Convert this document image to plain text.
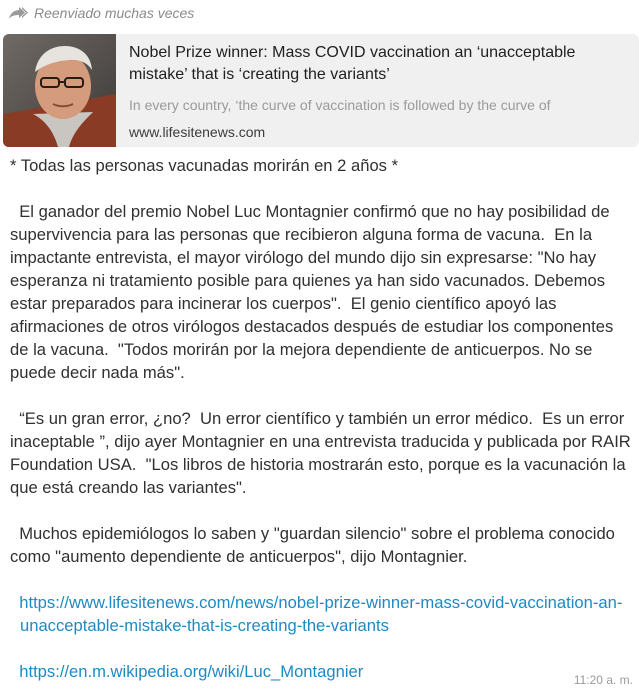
Reenviado muchas veces
Nobel Prize winner: Mass COVID vaccination an ‘unacceptable mistake’ that is ‘creating the variants’
In every country, ‘the curve of vaccination is followed by the curve of
www.lifesitenews.com

* Todas las personas vacunadas morirán en 2 años *

El ganador del premio Nobel Luc Montagnier confirmó que no hay posibilidad de supervivencia para las personas que recibieron alguna forma de vacuna.  En la impactante entrevista, el mayor virólogo del mundo dijo sin expresarse: "No hay esperanza ni tratamiento posible para quienes ya han sido vacunados. Debemos estar preparados para incinerar los cuerpos".  El genio científico apoyó las afirmaciones de otros virólogos destacados después de estudiar los componentes de la vacuna.  "Todos morirán por la mejora dependiente de anticuerpos. No se puede decir nada más".

“Es un gran error, ¿no?  Un error científico y también un error médico.  Es un error inaceptable ”, dijo ayer Montagnier en una entrevista traducida y publicada por RAIR Foundation USA.  "Los libros de historia mostrarán esto, porque es la vacunación la que está creando las variantes".

Muchos epidemiólogos lo saben y "guardan silencio" sobre el problema conocido como "aumento dependiente de anticuerpos", dijo Montagnier.

https://www.lifesitenews.com/news/nobel-prize-winner-mass-covid-vaccination-an-unacceptable-mistake-that-is-creating-the-variants

https://en.m.wikipedia.org/wiki/Luc_Montagnier	11:20 a. m.
